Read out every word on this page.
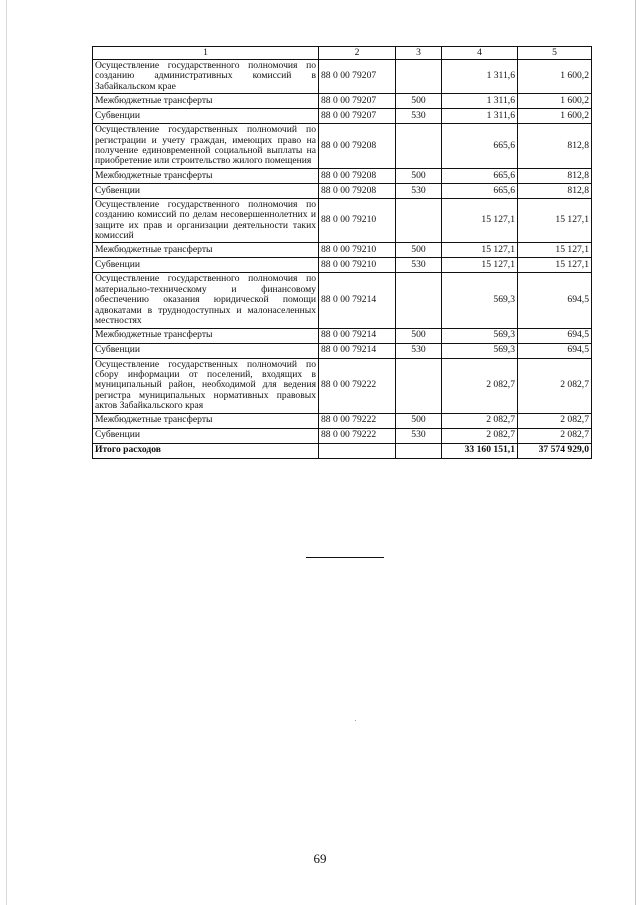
1	2	3	4	5
Осуществление государственного полномочия по созданию административных комиссий в Забайкальском крае	88 0 00 79207		1 311,6	1 600,2
Межбюджетные трансферты	88 0 00 79207	500	1 311,6	1 600,2
Субвенции	88 0 00 79207	530	1 311,6	1 600,2
Осуществление государственных полномочий по регистрации и учету граждан, имеющих право на получение единовременной социальной выплаты на приобретение или строительство жилого помещения	88 0 00 79208		665,6	812,8
Межбюджетные трансферты	88 0 00 79208	500	665,6	812,8
Субвенции	88 0 00 79208	530	665,6	812,8
Осуществление государственного полномочия по созданию комиссий по делам несовершеннолетних и защите их прав и организации деятельности таких комиссий	88 0 00 79210		15 127,1	15 127,1
Межбюджетные трансферты	88 0 00 79210	500	15 127,1	15 127,1
Субвенции	88 0 00 79210	530	15 127,1	15 127,1
Осуществление государственного полномочия по материально-техническому и финансовому обеспечению оказания юридической помощи адвокатами в труднодоступных и малонаселенных местностях	88 0 00 79214		569,3	694,5
Межбюджетные трансферты	88 0 00 79214	500	569,3	694,5
Субвенции	88 0 00 79214	530	569,3	694,5
Осуществление государственных полномочий по сбору информации от поселений, входящих в муниципальный район, необходимой для ведения регистра муниципальных нормативных правовых актов Забайкальского края	88 0 00 79222		2 082,7	2 082,7
Межбюджетные трансферты	88 0 00 79222	500	2 082,7	2 082,7
Субвенции	88 0 00 79222	530	2 082,7	2 082,7
Итого расходов			33 160 151,1	37 574 929,0
69
